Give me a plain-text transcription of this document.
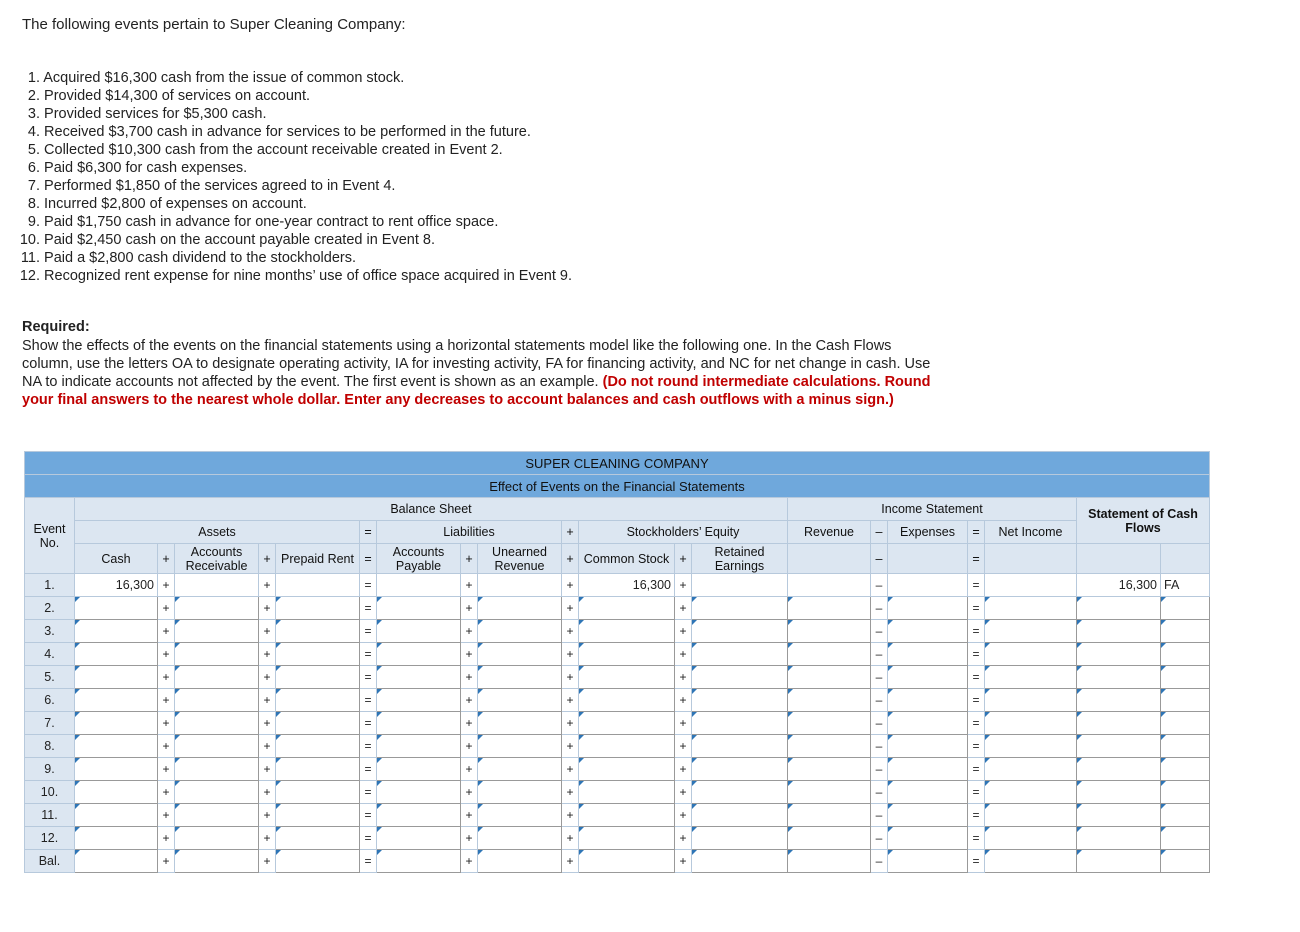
The following events pertain to Super Cleaning Company:
1. Acquired $16,300 cash from the issue of common stock.
2. Provided $14,300 of services on account.
3. Provided services for $5,300 cash.
4. Received $3,700 cash in advance for services to be performed in the future.
5. Collected $10,300 cash from the account receivable created in Event 2.
6. Paid $6,300 for cash expenses.
7. Performed $1,850 of the services agreed to in Event 4.
8. Incurred $2,800 of expenses on account.
9. Paid $1,750 cash in advance for one-year contract to rent office space.
10. Paid $2,450 cash on the account payable created in Event 8.
11. Paid a $2,800 cash dividend to the stockholders.
12. Recognized rent expense for nine months’ use of office space acquired in Event 9.
Required:
Show the effects of the events on the financial statements using a horizontal statements model like the following one. In the Cash Flows column, use the letters OA to designate operating activity, IA for investing activity, FA for financing activity, and NC for net change in cash. Use NA to indicate accounts not affected by the event. The first event is shown as an example. (Do not round intermediate calculations. Round your final answers to the nearest whole dollar. Enter any decreases to account balances and cash outflows with a minus sign.)
SUPER CLEANING COMPANY																				
Effect of Events on the Financial Statements																				
Event No.	Balance Sheet													Income Statement					Statement of Cash Flows	
	Assets					=	Liabilities			+	Stockholders’ Equity			Revenue	–	Expenses	=	Net Income		
	Cash	+	Accounts Receivable	+	Prepaid Rent	=	Accounts Payable	+	Unearned Revenue	+	Common Stock	+	Retained Earnings		–		=			
1.	16,300	+		+		=		+		+	16,300	+			–		=		16,300	FA
2.		+		+		=		+		+		+			–		=			
3.		+		+		=		+		+		+			–		=			
4.		+		+		=		+		+		+			–		=			
5.		+		+		=		+		+		+			–		=			
6.		+		+		=		+		+		+			–		=			
7.		+		+		=		+		+		+			–		=			
8.		+		+		=		+		+		+			–		=			
9.		+		+		=		+		+		+			–		=			
10.		+		+		=		+		+		+			–		=			
11.		+		+		=		+		+		+			–		=			
12.		+		+		=		+		+		+			–		=			
Bal.		+		+		=		+		+		+			–		=			
